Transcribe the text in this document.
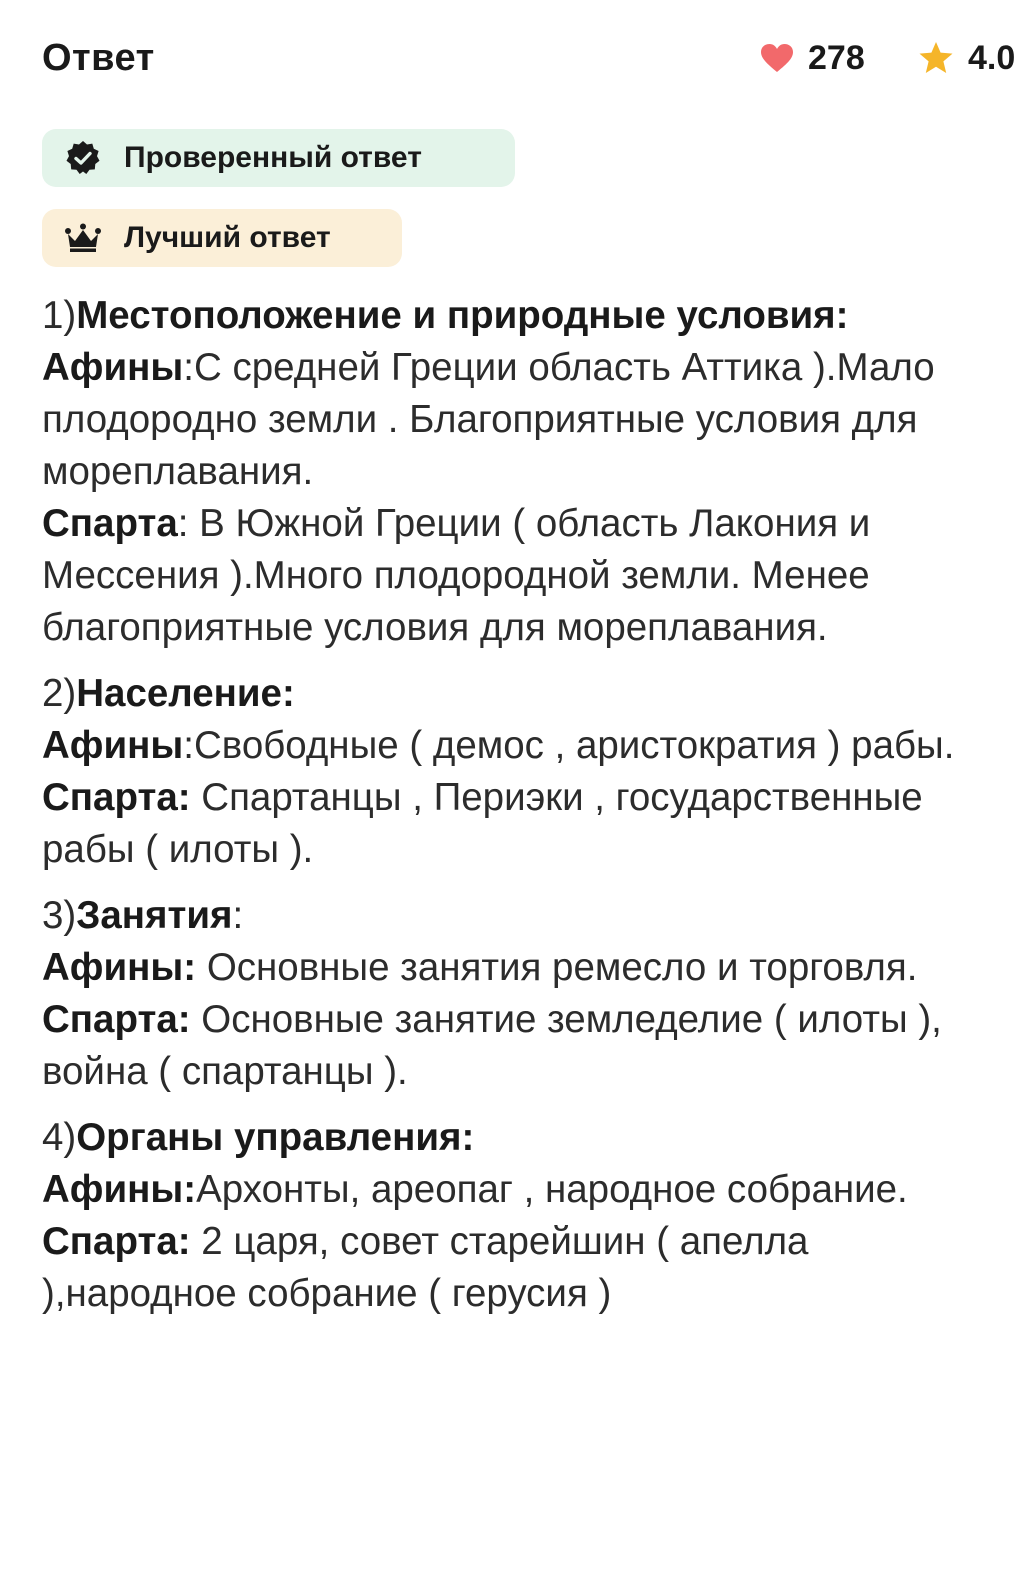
Ответ	278	4.0
Проверенный ответ
Лучший ответ

1)Местоположение и природные условия:

Афины:С средней Греции область Аттика ).Мало плодородно земли . Благоприятные условия для мореплавания.

Спарта: В Южной Греции ( область Лакония и Мессения ).Много плодородной земли. Менее благоприятные условия для мореплавания.

2)Население:

Афины:Свободные ( демос , аристократия ) рабы.

Спарта: Спартанцы , Периэки , государственные рабы ( илоты ).

3)Занятия:

Афины: Основные занятия ремесло и торговля.

Спарта: Основные занятие земледелие ( илоты ), война ( спартанцы ).

4)Органы управления:

Афины:Архонты, ареопаг , народное собрание.

Спарта: 2 царя, совет старейшин ( апелла ),народное собрание ( герусия )
